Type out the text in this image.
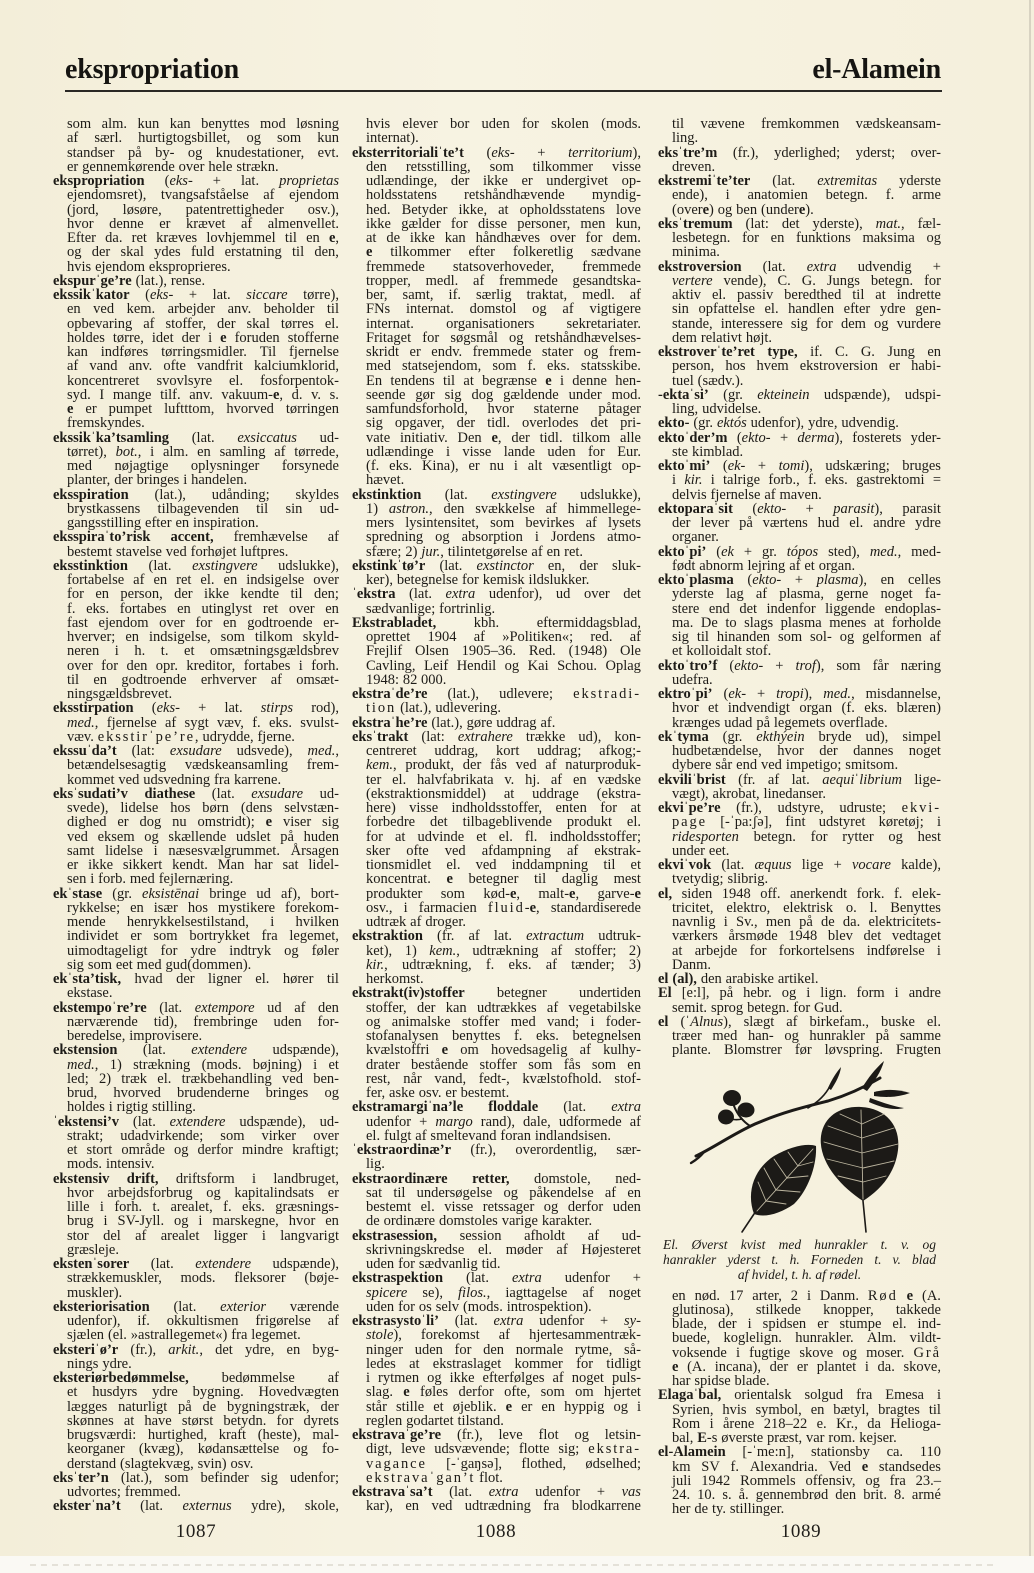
ekspropriation	el-Alamein
som alm. kun kan benyttes mod løsning
af særl. hurtigtogsbillet, og som kun
standser på by- og knudestationer, evt.
er gennemkørende over hele strækn.
ekspropriation (eks- + lat. proprietas
ejendomsret), tvangsafståelse af ejendom
(jord, løsøre, patentrettigheder osv.),
hvor denne er krævet af almenvellet.
Efter da. ret kræves lovhjemmel til en e,
og der skal ydes fuld erstatning til den,
hvis ejendom eksproprieres.
ekspurˈge’re (lat.), rense.
ekssikˈkator (eks- + lat. siccare tørre),
en ved kem. arbejder anv. beholder til
opbevaring af stoffer, der skal tørres el.
holdes tørre, idet der i e foruden stofferne
kan indføres tørringsmidler. Til fjernelse
af vand anv. ofte vandfrit kalciumklorid,
koncentreret svovlsyre el. fosforpentok-
syd. I mange tilf. anv. vakuum-e, d. v. s.
e er pumpet luftttom, hvorved tørringen
fremskyndes.
ekssikˈka’tsamling (lat. exsiccatus ud-
tørret), bot., i alm. en samling af tørrede,
med nøjagtige oplysninger forsynede
planter, der bringes i handelen.
eksspiration (lat.), udånding; skyldes
brystkassens tilbagevenden til sin ud-
gangsstilling efter en inspiration.
eksspiraˈto’risk accent, fremhævelse af
bestemt stavelse ved forhøjet luftpres.
eksstinktion (lat. exstingvere udslukke),
fortabelse af en ret el. en indsigelse over
for en person, der ikke kendte til den;
f. eks. fortabes en utinglyst ret over en
fast ejendom over for en godtroende er-
hverver; en indsigelse, som tilkom skyld-
neren i h. t. et omsætningsgældsbrev
over for den opr. kreditor, fortabes i forh.
til en godtroende erhverver af omsæt-
ningsgældsbrevet.
eksstirpation (eks- + lat. stirps rod),
med., fjernelse af sygt væv, f. eks. svulst-
væv. eksstirˈpe’re, udrydde, fjerne.
ekssuˈda’t (lat: exsudare udsvede), med.,
betændelsesagtig vædskeansamling frem-
kommet ved udsvedning fra karrene.
eksˈsudati’v diathese (lat. exsudare ud-
svede), lidelse hos børn (dens selvstæn-
dighed er dog nu omstridt); e viser sig
ved eksem og skællende udslet på huden
samt lidelse i næsesvælgrummet. Årsagen
er ikke sikkert kendt. Man har sat lidel-
sen i forb. med fejlernæring.
ekˈstase (gr. eksistēnai bringe ud af), bort-
rykkelse; en især hos mystikere forekom-
mende henrykkelsestilstand, i hvilken
individet er som bortrykket fra legemet,
uimodtageligt for ydre indtryk og føler
sig som eet med gud(dommen).
ekˈsta’tisk, hvad der ligner el. hører til
ekstase.
ekstempoˈre’re (lat. extempore ud af den
nærværende tid), frembringe uden for-
beredelse, improvisere.
ekstension (lat. extendere udspænde),
med., 1) strækning (mods. bøjning) i et
led; 2) træk el. trækbehandling ved ben-
brud, hvorved brudenderne bringes og
holdes i rigtig stilling.
ˈekstensi’v (lat. extendere udspænde), ud-
strakt; udadvirkende; som virker over
et stort område og derfor mindre kraftigt;
mods. intensiv.
ekstensiv drift, driftsform i landbruget,
hvor arbejdsforbrug og kapitalindsats er
lille i forh. t. arealet, f. eks. græsnings-
brug i SV-Jyll. og i marskegne, hvor en
stor del af arealet ligger i langvarigt
græsleje.
ekstenˈsorer (lat. extendere udspænde),
strækkemuskler, mods. fleksorer (bøje-
muskler).
eksteriorisation (lat. exterior værende
udenfor), if. okkultismen frigørelse af
sjælen (el. »astrallegemet«) fra legemet.
eksteriˈø’r (fr.), arkit., det ydre, en byg-
nings ydre.
eksteriørbedømmelse, bedømmelse af
et husdyrs ydre bygning. Hovedvægten
lægges naturligt på de bygningstræk, der
skønnes at have størst betydn. for dyrets
brugsværdi: hurtighed, kraft (heste), mal-
keorganer (kvæg), kødansættelse og fo-
derstand (slagtekvæg, svin) osv.
eksˈter’n (lat.), som befinder sig udenfor;
udvortes; fremmed.
eksterˈna’t (lat. externus ydre), skole,
hvis elever bor uden for skolen (mods.
internat).
eksterritorialiˈte’t (eks- + territorium),
den retsstilling, som tilkommer visse
udlændinge, der ikke er undergivet op-
holdsstatens retshåndhævende myndig-
hed. Betyder ikke, at opholdsstatens love
ikke gælder for disse personer, men kun,
at de ikke kan håndhæves over for dem.
e tilkommer efter folkeretlig sædvane
fremmede statsoverhoveder, fremmede
tropper, medl. af fremmede gesandtska-
ber, samt, if. særlig traktat, medl. af
FNs internat. domstol og af vigtigere
internat. organisationers sekretariater.
Fritaget for søgsmål og retshåndhævelses-
skridt er endv. fremmede stater og frem-
med statsejendom, som f. eks. statsskibe.
En tendens til at begrænse e i denne hen-
seende gør sig dog gældende under mod.
samfundsforhold, hvor staterne påtager
sig opgaver, der tidl. overlodes det pri-
vate initiativ. Den e, der tidl. tilkom alle
udlændinge i visse lande uden for Eur.
(f. eks. Kina), er nu i alt væsentligt op-
hævet.
ekstinktion (lat. exstingvere udslukke),
1) astron., den svækkelse af himmellege-
mers lysintensitet, som bevirkes af lysets
spredning og absorption i Jordens atmo-
sfære; 2) jur., tilintetgørelse af en ret.
ekstinkˈtø’r (lat. exstinctor en, der sluk-
ker), betegnelse for kemisk ildslukker.
ˈekstra (lat. extra udenfor), ud over det
sædvanlige; fortrinlig.
Ekstrabladet,	kbh.	eftermiddagsblad,
oprettet 1904 af »Politiken«; red. af
Frejlif Olsen 1905–36. Red. (1948) Ole
Cavling, Leif Hendil og Kai Schou. Oplag
1948: 82 000.
ekstraˈde’re (lat.), udlevere; ekstradi-
tion (lat.), udlevering.
ekstraˈhe’re (lat.), gøre uddrag af.
eksˈtrakt (lat: extrahere trække ud), kon-
centreret uddrag, kort uddrag; afkog;-
kem., produkt, der fås ved af naturproduk-
ter el. halvfabrikata v. hj. af en vædske
(ekstraktionsmiddel) at uddrage (ekstra-
here) visse indholdsstoffer, enten for at
forbedre det tilbageblivende produkt el.
for at udvinde et el. fl. indholdsstoffer;
sker ofte ved afdampning af ekstrak-
tionsmidlet el. ved inddampning til et
koncentrat. e betegner til daglig mest
produkter som kød-e, malt-e, garve-e
osv., i farmacien fluid-e, standardiserede
udtræk af droger.
ekstraktion (fr. af lat. extractum udtruk-
ket), 1) kem., udtrækning af stoffer; 2)
kir., udtrækning, f. eks. af tænder; 3)
herkomst.
ekstrakt(iv)stoffer betegner undertiden
stoffer, der kan udtrækkes af vegetabilske
og animalske stoffer med vand; i foder-
stofanalysen benyttes f. eks. betegnelsen
kvælstoffri e om hovedsagelig af kulhy-
drater bestående stoffer som fås som en
rest, når vand, fedt-, kvælstofhold. stof-
fer, aske osv. er bestemt.
ekstramargiˈna’le floddale (lat. extra
udenfor + margo rand), dale, udformede af
el. fulgt af smeltevand foran indlandsisen.
ˈekstraordinæ’r (fr.), overordentlig, sær-
lig.
ekstraordinære retter, domstole, ned-
sat til undersøgelse og påkendelse af en
bestemt el. visse retssager og derfor uden
de ordinære domstoles varige karakter.
ekstrasession, session afholdt af ud-
skrivningskredse el. møder af Højesteret
uden for sædvanlig tid.
ekstraspektion (lat. extra udenfor +
spicere se), filos., iagttagelse af noget
uden for os selv (mods. introspektion).
ekstrasystoˈli’ (lat. extra udenfor + sy-
stole), forekomst af hjertesammentræk-
ninger uden for den normale rytme, så-
ledes at ekstraslaget kommer for tidligt
i rytmen og ikke efterfølges af noget puls-
slag. e føles derfor ofte, som om hjertet
står stille et øjeblik. e er en hyppig og i
reglen godartet tilstand.
ekstravaˈge’re (fr.), leve flot og letsin-
digt, leve udsvævende; flotte sig; ekstra-
vagance [-ˈgaŋsə], flothed, ødselhed;
ekstravaˈgan’t flot.
ekstravaˈsa’t (lat. extra udenfor + vas
kar), en ved udtrædning fra blodkarrene
til vævene fremkommen vædskeansam-
ling.
eksˈtre’m (fr.), yderlighed; yderst; over-
dreven.
ekstremiˈte’ter (lat. extremitas yderste
ende), i anatomien betegn. f. arme
(overe) og ben (undere).
eksˈtremum (lat: det yderste), mat., fæl-
lesbetegn. for en funktions maksima og
minima.
ekstroversion (lat. extra udvendig +
vertere vende), C. G. Jungs betegn. for
aktiv el. passiv beredthed til at indrette
sin opfattelse el. handlen efter ydre gen-
stande, interessere sig for dem og vurdere
dem relativt højt.
ekstroverˈte’ret type, if. C. G. Jung en
person, hos hvem ekstroversion er habi-
tuel (sædv.).
-ektaˈsi’ (gr. ekteinein udspænde), udspi-
ling, udvidelse.
ekto- (gr. ektós udenfor), ydre, udvendig.
ektoˈder’m (ekto- + derma), fosterets yder-
ste kimblad.
ektoˈmi’ (ek- + tomi), udskæring; bruges
i kir. i talrige forb., f. eks. gastrektomi =
delvis fjernelse af maven.
ektoparaˈsit (ekto- + parasit), parasit
der lever på værtens hud el. andre ydre
organer.
ektoˈpi’ (ek + gr. tópos sted), med., med-
født abnorm lejring af et organ.
ektoˈplasma (ekto- + plasma), en celles
yderste lag af plasma, gerne noget fa-
stere end det indenfor liggende endoplas-
ma. De to slags plasma menes at forholde
sig til hinanden som sol- og gelformen af
et kolloidalt stof.
ektoˈtro’f (ekto- + trof), som får næring
udefra.
ektroˈpi’ (ek- + tropi), med., misdannelse,
hvor et indvendigt organ (f. eks. blæren)
krænges udad på legemets overflade.
ekˈtyma (gr. ekthýein bryde ud), simpel
hudbetændelse, hvor der dannes noget
dybere sår end ved impetigo; smitsom.
ekviliˈbrist (fr. af lat. aequiˈlibrium lige-
vægt), akrobat, linedanser.
ekviˈpe’re (fr.), udstyre, udruste; ekvi-
page [-ˈpa:ʃə], fint udstyret køretøj; i
ridesporten betegn. for rytter og hest
under eet.
ekviˈvok (lat. æquus lige + vocare kalde),
tvetydig; slibrig.
el, siden 1948 off. anerkendt fork. f. elek-
tricitet, elektro, elektrisk o. l. Benyttes
navnlig i Sv., men på de da. elektricitets-
værkers årsmøde 1948 blev det vedtaget
at arbejde for forkortelsens indførelse i
Danm.
el (al), den arabiske artikel.
El [e:l], på hebr. og i lign. form i andre
semit. sprog betegn. for Gud.
el (ˈAlnus), slægt af birkefam., buske el.
træer med han- og hunrakler på samme
plante. Blomstrer før løvspring. Frugten
El. Øverst kvist med hunrakler t. v. og
hanrakler yderst t. h. Forneden t. v. blad
af hvidel, t. h. af rødel.
en nød. 17 arter, 2 i Danm. Rød e (A.
glutinosa), stilkede knopper, takkede
blade, der i spidsen er stumpe el. ind-
buede, koglelign. hunrakler. Alm. vildt-
voksende i fugtige skove og moser. Grå
e (A. incana), der er plantet i da. skove,
har spidse blade.
Elagaˈbal, orientalsk solgud fra Emesa i
Syrien, hvis symbol, en bætyl, bragtes til
Rom i årene 218–22 e. Kr., da Helioga-
bal, E-s øverste præst, var rom. kejser.
el-Alamein [-ˈme:n], stationsby ca. 110
km SV f. Alexandria. Ved e standsedes
juli 1942 Rommels offensiv, og fra 23.–
24. 10. s. å. gennembrød den brit. 8. armé
her de ty. stillinger.
1087	1088	1089
